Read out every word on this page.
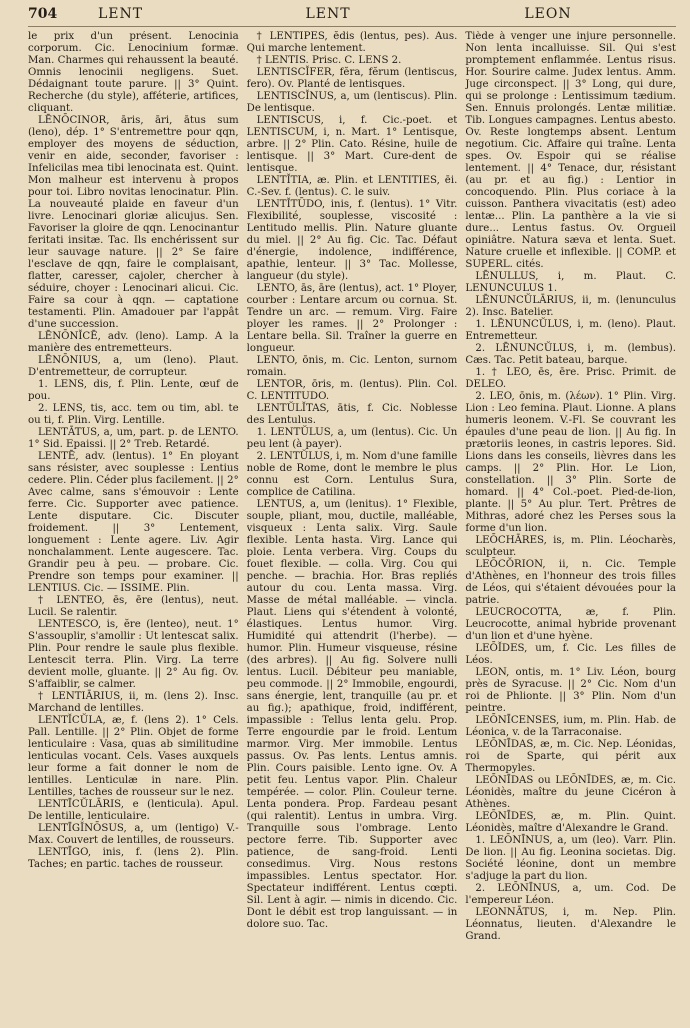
704	LENT	LENT	LEON

le prix d'un présent. Lenocinia corporum. Cic. Lenocinium formæ. Man. Charmes qui rehaussent la beauté. Omnis lenocinii negligens. Suet. Dédaignant toute parure. || 3° Quint. Recherche (du style), afféterie, artifices, cliquant.

LĒNŌCINOR, āris, āri, ātus sum (leno), dép. 1° S'entremettre pour qqn, employer des moyens de séduction, venir en aide, seconder, favoriser : Infelicilas mea tibi lenocinata est. Quint. Mon malheur est intervenu à propos pour toi. Libro novitas lenocinatur. Plin. La nouveauté plaide en faveur d'un livre. Lenocinari gloriæ alicujus. Sen. Favoriser la gloire de qqn. Lenocinantur feritati insitæ. Tac. Ils enchérissent sur leur sauvage nature. || 2° Se faire l'esclave de qqn, faire le complaisant, flatter, caresser, cajoler, chercher à séduire, choyer : Lenocinari alicui. Cic. Faire sa cour à qqn. — captatione testamenti. Plin. Amadouer par l'appât d'une succession.

LĒNŌNĬCĒ, adv. (leno). Lamp. A la manière des entremetteurs.

LĒNŌNIUS, a, um (leno). Plaut. D'entremetteur, de corrupteur.

1. LENS, dis, f. Plin. Lente, œuf de pou.

2. LENS, tis, acc. tem ou tim, abl. te ou ti, f. Plin. Virg. Lentille.

LENTĀTUS, a, um, part. p. de LENTO. 1° Sid. Epaissi. || 2° Treb. Retardé.

LENTĒ, adv. (lentus). 1° En ployant sans résister, avec souplesse : Lentius cedere. Plin. Céder plus facilement. || 2° Avec calme, sans s'émouvoir : Lente ferre. Cic. Supporter avec patience. Lente disputare. Cic. Discuter froidement. || 3° Lentement, longuement : Lente agere. Liv. Agir nonchalamment. Lente augescere. Tac. Grandir peu à peu. — probare. Cic. Prendre son temps pour examiner. || LENTIUS. Cic. — ISSIME. Plin.

† LENTEO, ēs, ēre (lentus), neut. Lucil. Se ralentir.

LENTESCO, is, ĕre (lenteo), neut. 1° S'assouplir, s'amollir : Ut lentescat salix. Plin. Pour rendre le saule plus flexible. Lentescit terra. Plin. Virg. La terre devient molle, gluante. || 2° Au fig. Ov. S'affaiblir, se calmer.

† LENTIĀRIUS, ii, m. (lens 2). Insc. Marchand de lentilles.

LENTĬCŬLA, æ, f. (lens 2). 1° Cels. Pall. Lentille. || 2° Plin. Objet de forme lenticulaire : Vasa, quas ab similitudine lenticulas vocant. Cels. Vases auxquels leur forme a fait donner le nom de lentilles. Lenticulæ in nare. Plin. Lentilles, taches de rousseur sur le nez.

LENTĪCŬLĀRIS, e (lenticula). Apul. De lentille, lenticulaire.

LENTĪGĬNŌSUS, a, um (lentigo) V.-Max. Couvert de lentilles, de rousseurs.

LENTĪGO, inis, f. (lens 2). Plin. Taches; en partic. taches de rousseur.

† LENTĬPES, ĕdis (lentus, pes). Aus. Qui marche lentement.

† LENTIS. Prisc. C. LENS 2.

LENTISCĬFER, fĕra, fĕrum (lentiscus, fero). Ov. Planté de lentisques.

LENTISCĬNUS, a, um (lentiscus). Plin. De lentisque.

LENTISCUS, i, f. Cic.-poet. et LENTISCUM, i, n. Mart. 1° Lentisque, arbre. || 2° Plin. Cato. Résine, huile de lentisque. || 3° Mart. Cure-dent de lentisque.

LENTĬTIA, æ. Plin. et LENTITIES, ēi. C.-Sev. f. (lentus). C. le suiv.

LENTĬTŪDO, inis, f. (lentus). 1° Vitr. Flexibilité, souplesse, viscosité : Lentitudo mellis. Plin. Nature gluante du miel. || 2° Au fig. Cic. Tac. Défaut d'énergie, indolence, indifférence, apathie, lenteur. || 3° Tac. Mollesse, langueur (du style).

LENTO, ās, āre (lentus), act. 1° Ployer, courber : Lentare arcum ou cornua. St. Tendre un arc. — remum. Virg. Faire ployer les rames. || 2° Prolonger : Lentare bella. Sil. Traîner la guerre en longueur.

LENTO, ōnis, m. Cic. Lenton, surnom romain.

LENTOR, ōris, m. (lentus). Plin. Col. C. LENTITUDO.

LENTŬLĬTAS, ātis, f. Cic. Noblesse des Lentulus.

1. LENTŬLUS, a, um (lentus). Cic. Un peu lent (à payer).

2. LENTŬLUS, i, m. Nom d'une famille noble de Rome, dont le membre le plus connu est Corn. Lentulus Sura, complice de Catilina.

LENTUS, a, um (lenitus). 1° Flexible, souple, pliant, mou, ductile, malléable, visqueux : Lenta salix. Virg. Saule flexible. Lenta hasta. Virg. Lance qui ploie. Lenta verbera. Virg. Coups du fouet flexible. — colla. Virg. Cou qui penche. — brachia. Hor. Bras repliés autour du cou. Lenta massa. Virg. Masse de métal malléable. — vincla. Plaut. Liens qui s'étendent à volonté, élastiques. Lentus humor. Virg. Humidité qui attendrit (l'herbe). — humor. Plin. Humeur visqueuse, résine (des arbres). || Au fig. Solvere nulli lentus. Lucil. Débiteur peu maniable, peu commode. || 2° Immobile, engourdi, sans énergie, lent, tranquille (au pr. et au fig.); apathique, froid, indifférent, impassible : Tellus lenta gelu. Prop. Terre engourdie par le froid. Lentum marmor. Virg. Mer immobile. Lentus passus. Ov. Pas lents. Lentus amnis. Plin. Cours paisible. Lento igne. Ov. A petit feu. Lentus vapor. Plin. Chaleur tempérée. — color. Plin. Couleur terne. Lenta pondera. Prop. Fardeau pesant (qui ralentit). Lentus in umbra. Virg. Tranquille sous l'ombrage. Lento pectore ferre. Tib. Supporter avec patience, de sang-froid. Lenti consedimus. Virg. Nous restons impassibles. Lentus spectator. Hor. Spectateur indifférent. Lentus cœpti. Sil. Lent à agir. — nimis in dicendo. Cic. Dont le débit est trop languissant. — in dolore suo. Tac.

Tiède à venger une injure personnelle. Non lenta incalluisse. Sil. Qui s'est promptement enflammée. Lentus risus. Hor. Sourire calme. Judex lentus. Amm. Juge circonspect. || 3° Long, qui dure, qui se prolonge : Lentissimum tædium. Sen. Ennuis prolongés. Lentæ militiæ. Tib. Longues campagnes. Lentus abesto. Ov. Reste longtemps absent. Lentum negotium. Cic. Affaire qui traîne. Lenta spes. Ov. Espoir qui se réalise lentement. || 4° Tenace, dur, résistant (au pr. et au fig.) : Lentior in concoquendo. Plin. Plus coriace à la cuisson. Panthera vivacitatis (est) adeo lentæ... Plin. La panthère a la vie si dure... Lentus fastus. Ov. Orgueil opiniâtre. Natura sæva et lenta. Suet. Nature cruelle et inflexible. || COMP. et SUPERL. cités.

LĒNULLUS, i, m. Plaut. C. LENUNCULUS 1.

LĒNUNCŬLĀRIUS, ii, m. (lenunculus 2). Insc. Batelier.

1. LĒNUNCŬLUS, i, m. (leno). Plaut. Entremetteur.

2. LĒNUNCŬLUS, i, m. (lembus). Cæs. Tac. Petit bateau, barque.

1. † LEO, ēs, ēre. Prisc. Primit. de DELEO.

2. LEO, ōnis, m. (λέων). 1° Plin. Virg. Lion : Leo femina. Plaut. Lionne. A plans humeris leonem. V.-Fl. Se couvrant les épaules d'une peau de lion. || Au fig. In prætoriis leones, in castris lepores. Sid. Lions dans les conseils, lièvres dans les camps. || 2° Plin. Hor. Le Lion, constellation. || 3° Plin. Sorte de homard. || 4° Col.-poet. Pied-de-lion, plante. || 5° Au plur. Tert. Prêtres de Mithras, adoré chez les Perses sous la forme d'un lion.

LEŌCHĀRES, is, m. Plin. Léocharès, sculpteur.

LEŌCŎRION, ii, n. Cic. Temple d'Athènes, en l'honneur des trois filles de Léos, qui s'étaient dévouées pour la patrie.

LEUCROCOTTA, æ, f. Plin. Leucrocotte, animal hybride provenant d'un lion et d'une hyène.

LEŌĬDES, um, f. Cic. Les filles de Léos.

LEON, ontis, m. 1° Liv. Léon, bourg près de Syracuse. || 2° Cic. Nom d'un roi de Phlionte. || 3° Plin. Nom d'un peintre.

LEŌNĪCENSES, ium, m. Plin. Hab. de Léonica, v. de la Tarraconaise.

LEŌNĪDAS, æ, m. Cic. Nep. Léonidas, roi de Sparte, qui périt aux Thermopyles.

LEŌNĪDAS ou LEŌNĪDES, æ, m. Cic. Léonidès, maître du jeune Cicéron à Athènes.

LEŌNĪDES, æ, m. Plin. Quint. Léonidès, maître d'Alexandre le Grand.

1. LEŌNĪNUS, a, um (leo). Varr. Plin. De lion. || Au fig. Leonina societas. Dig. Société léonine, dont un membre s'adjuge la part du lion.

2. LEŌNĪNUS, a, um. Cod. De l'empereur Léon.

LEONNĀTUS, i, m. Nep. Plin. Léonnatus, lieuten. d'Alexandre le Grand.
